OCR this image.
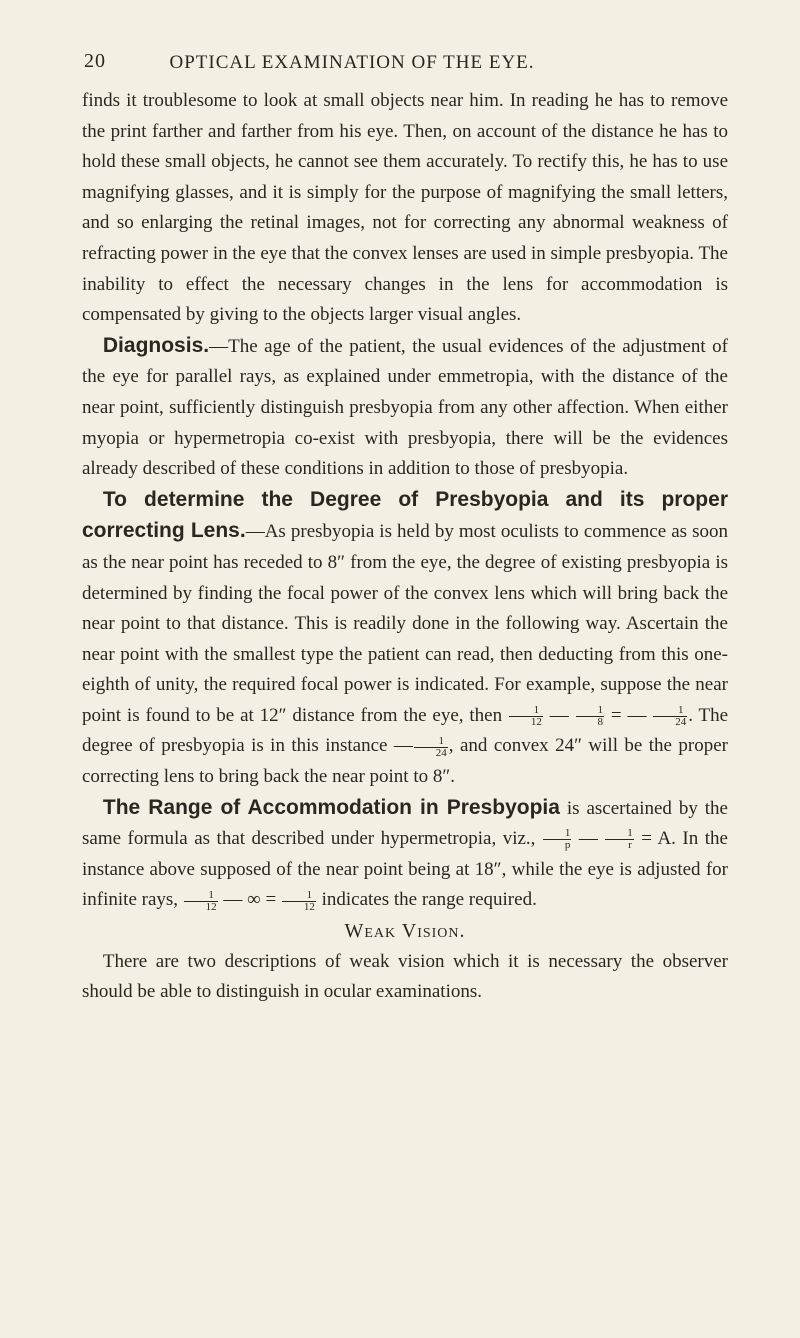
20	OPTICAL EXAMINATION OF THE EYE.

finds it troublesome to look at small objects near him. In reading he has to remove the print farther and farther from his eye. Then, on account of the distance he has to hold these small objects, he cannot see them accurately. To rectify this, he has to use magnifying glasses, and it is simply for the purpose of magnifying the small letters, and so enlarging the retinal images, not for correcting any abnormal weakness of refracting power in the eye that the convex lenses are used in simple presbyopia. The inability to effect the necessary changes in the lens for accommodation is compensated by giving to the objects larger visual angles.

Diagnosis.—The age of the patient, the usual evidences of the adjustment of the eye for parallel rays, as explained under emmetropia, with the distance of the near point, sufficiently distinguish presbyopia from any other affection. When either myopia or hypermetropia co-exist with presbyopia, there will be the evidences already described of these conditions in addition to those of presbyopia.

To determine the Degree of Presbyopia and its proper correcting Lens.—As presbyopia is held by most oculists to commence as soon as the near point has receded to 8″ from the eye, the degree of existing presbyopia is determined by finding the focal power of the convex lens which will bring back the near point to that distance. This is readily done in the following way. Ascertain the near point with the smallest type the patient can read, then deducting from this one-eighth of unity, the required focal power is indicated. For example, suppose the near point is found to be at 12″ distance from the eye, then $\frac{1}{12}$ — $\frac{1}{8}$ = — $\frac{1}{24}$ . The degree of presbyopia is in this instance — $\frac{1}{24}$ , and convex 24″ will be the proper correcting lens to bring back the near point to 8″.

The Range of Accommodation in Presbyopia is ascertained by the same formula as that described under hypermetropia, viz., $\frac{1}{p}$ — $\frac{1}{r} = A$. In the instance above supposed of the near point being at 18″, while the eye is adjusted for infinite rays, $\frac{1}{12}$ — ∞ = $\frac{1}{12}$ indicates the range required.

Weak Vision.

There are two descriptions of weak vision which it is necessary the observer should be able to distinguish in ocular examinations.
